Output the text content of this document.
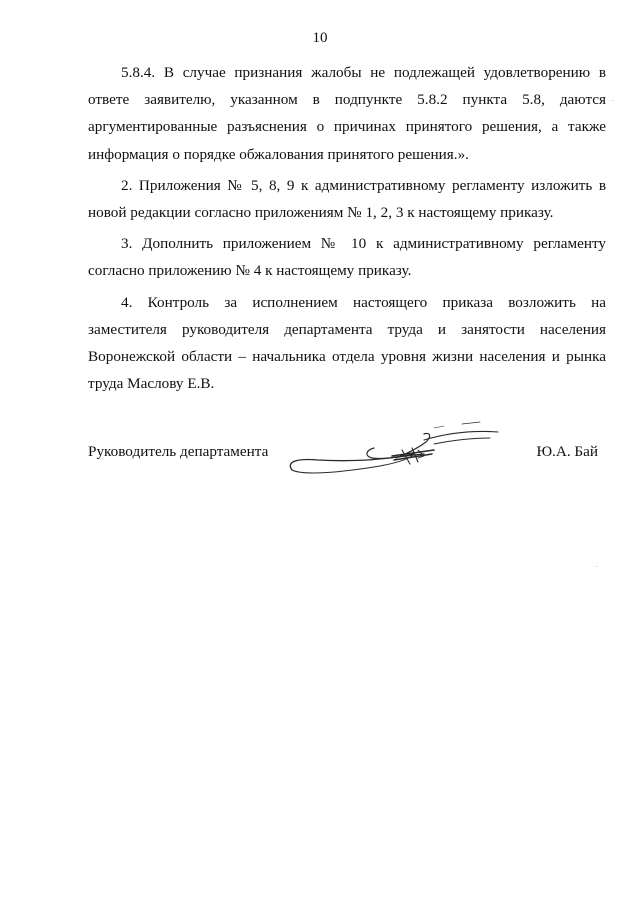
10

5.8.4. В случае признания жалобы не подлежащей удовлетворению в ответе заявителю, указанном в подпункте 5.8.2 пункта 5.8, даются аргументированные разъяснения о причинах принятого решения, а также информация о порядке обжалования принятого решения.».

2. Приложения № 5, 8, 9 к административному регламенту изложить в новой редакции согласно приложениям № 1, 2, 3 к настоящему приказу.

3. Дополнить приложением № 10 к административному регламенту согласно приложению № 4 к настоящему приказу.

4. Контроль за исполнением настоящего приказа возложить на заместителя руководителя департамента труда и занятости населения Воронежской области – начальника отдела уровня жизни населения и рынка труда Маслову Е.В.

Руководитель департамента	Ю.А. Бай
